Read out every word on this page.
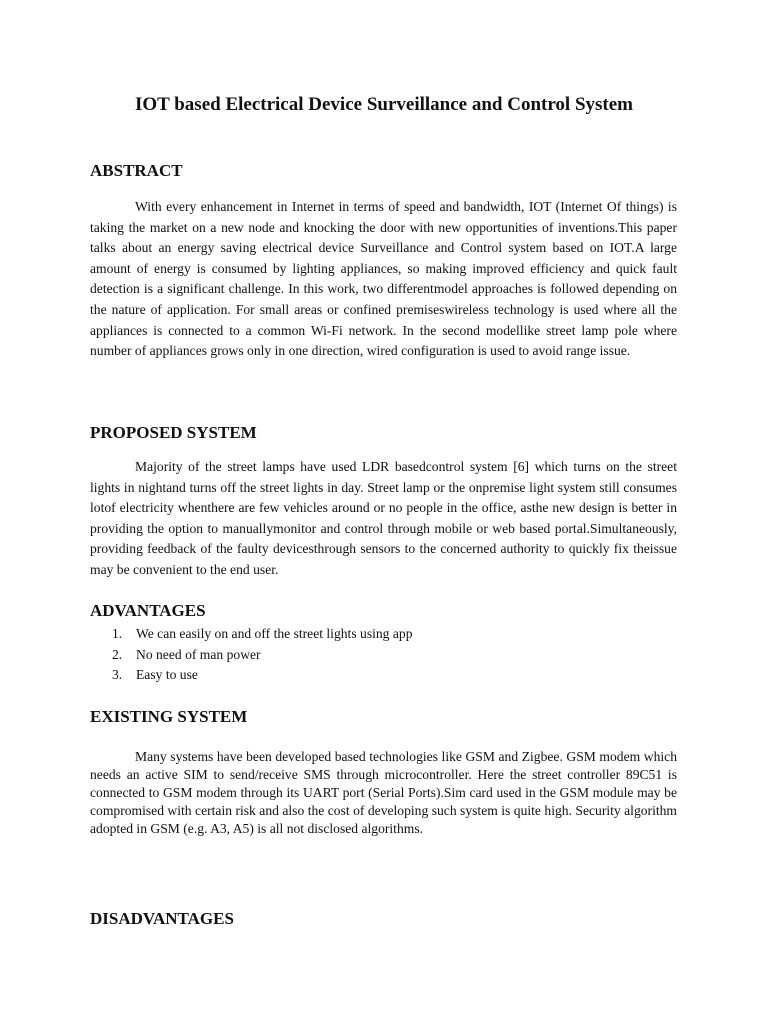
IOT based Electrical Device Surveillance and Control System
ABSTRACT

With every enhancement in Internet in terms of speed and bandwidth, IOT (Internet Of things) is taking the market on a new node and knocking the door with new opportunities of inventions.This paper talks about an energy saving electrical device Surveillance and Control system based on IOT.A large amount of energy is consumed by lighting appliances, so making improved efficiency and quick fault detection is a significant challenge. In this work, two differentmodel approaches is followed depending on the nature of application. For small areas or confined premiseswireless technology is used where all the appliances is connected to a common Wi-Fi network. In the second modellike street lamp pole where number of appliances grows only in one direction, wired configuration is used to avoid range issue.

PROPOSED SYSTEM

Majority of the street lamps have used LDR basedcontrol system [6] which turns on the street lights in nightand turns off the street lights in day. Street lamp or the onpremise light system still consumes lotof electricity whenthere are few vehicles around or no people in the office, asthe new design is better in providing the option to manuallymonitor and control through mobile or web based portal.Simultaneously, providing feedback of the faulty devicesthrough sensors to the concerned authority to quickly fix theissue may be convenient to the end user.

ADVANTAGES
1. We can easily on and off the street lights using app
2. No need of man power
3. Easy to use
EXISTING SYSTEM

Many systems have been developed based technologies like GSM and Zigbee. GSM modem which needs an active SIM to send/receive SMS through microcontroller. Here the street controller 89C51 is connected to GSM modem through its UART port (Serial Ports).Sim card used in the GSM module may be compromised with certain risk and also the cost of developing such system is quite high. Security algorithm adopted in GSM (e.g. A3, A5) is all not disclosed algorithms.

DISADVANTAGES
